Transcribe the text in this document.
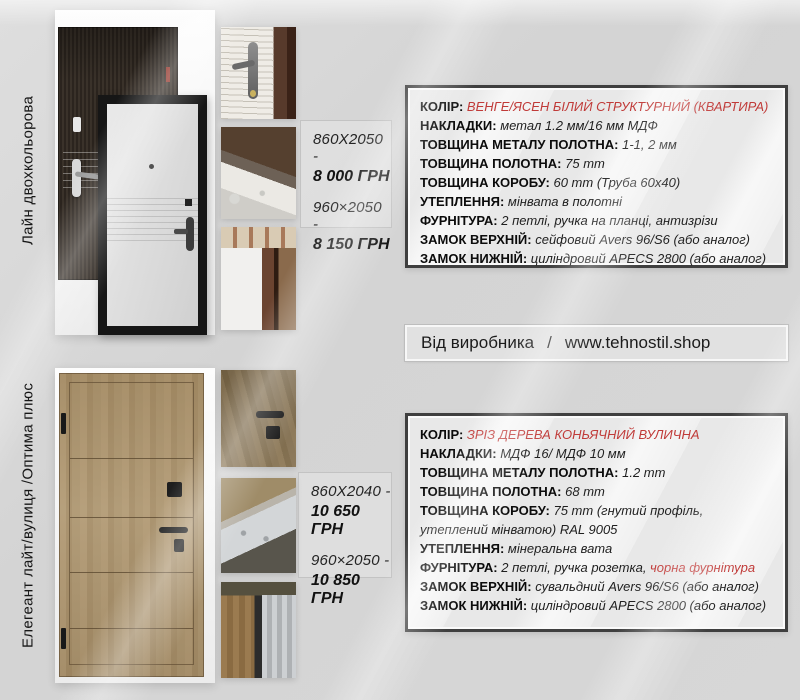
Лайн двохкольорова	860Х2050 -
8 000 ГРН
960×2050 -
8 150 ГРН
КОЛІР: ВЕНГЕ/ЯСЕН БІЛИЙ СТРУКТУРНИЙ (КВАРТИРА)
НАКЛАДКИ: метал 1.2 мм/16 мм МДФ
ТОВЩИНА МЕТАЛУ ПОЛОТНА: 1-1, 2 мм
ТОВЩИНА ПОЛОТНА: 75 mm
ТОВЩИНА КОРОБУ: 60 mm (Труба 60х40)
УТЕПЛЕННЯ: мінвата в полотні
ФУРНІТУРА: 2 петлі, ручка на планці, антизрізи
ЗАМОК ВЕРХНІЙ: сейфовий Avers 96/S6 (або аналог)
ЗАМОК НИЖНІЙ: циліндровий APECS 2800 (або аналог)
Від виробника / www.tehnostil.shop
Елегеант лайт/вулиця /Оптима плюс	860Х2040 -
10 650 ГРН
960×2050 -
10 850 ГРН
КОЛІР: ЗРІЗ ДЕРЕВА КОНЬЯЧНИЙ ВУЛИЧНА
НАКЛАДКИ: МДФ 16/ МДФ 10 мм
ТОВЩИНА МЕТАЛУ ПОЛОТНА: 1.2 mm
ТОВЩИНА ПОЛОТНА: 68 mm
ТОВЩИНА КОРОБУ: 75 mm (гнутий профіль, утеплений мінватою) RAL 9005
УТЕПЛЕННЯ: мінеральна вата
ФУРНІТУРА: 2 петлі, ручка розетка, чорна фурнітура
ЗАМОК ВЕРХНІЙ: сувальдний Avers 96/S6 (або аналог)
ЗАМОК НИЖНІЙ: циліндровий APECS 2800 (або аналог)
